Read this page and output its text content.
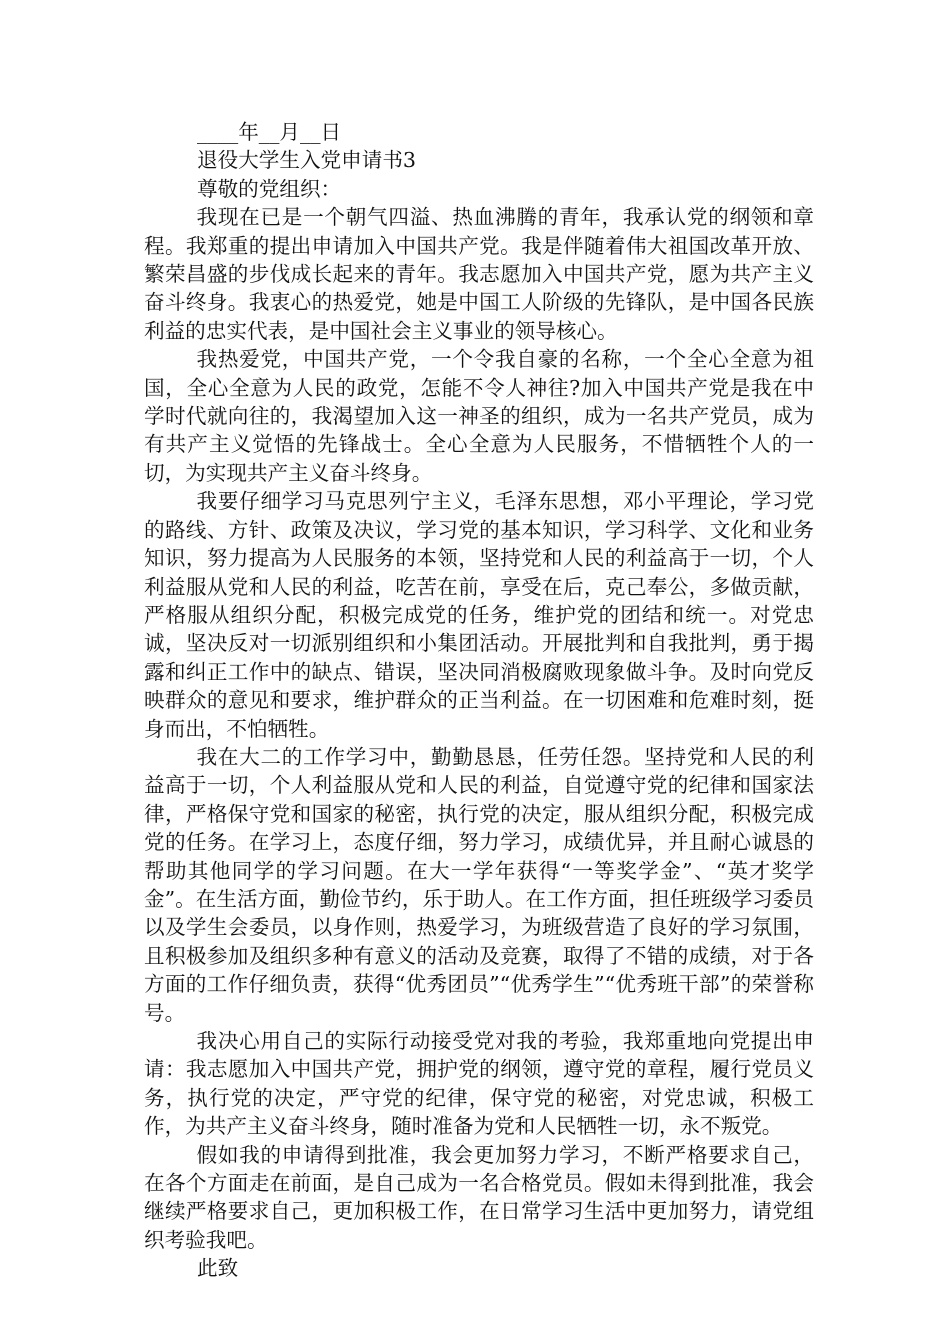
____年__月__日
退役大学生入党申请书3
尊敬的党组织：

我现在已是一个朝气四溢、热血沸腾的青年，我承认党的纲领和章程。我郑重的提出申请加入中国共产党。我是伴随着伟大祖国改革开放、繁荣昌盛的步伐成长起来的青年。我志愿加入中国共产党，愿为共产主义奋斗终身。我衷心的热爱党，她是中国工人阶级的先锋队，是中国各民族利益的忠实代表，是中国社会主义事业的领导核心。

我热爱党，中国共产党，一个令我自豪的名称，一个全心全意为祖国，全心全意为人民的政党，怎能不令人神往?加入中国共产党是我在中学时代就向往的，我渴望加入这一神圣的组织，成为一名共产党员，成为有共产主义觉悟的先锋战士。全心全意为人民服务，不惜牺牲个人的一切，为实现共产主义奋斗终身。

我要仔细学习马克思列宁主义，毛泽东思想，邓小平理论，学习党的路线、方针、政策及决议，学习党的基本知识，学习科学、文化和业务知识，努力提高为人民服务的本领，坚持党和人民的利益高于一切，个人利益服从党和人民的利益，吃苦在前，享受在后，克己奉公，多做贡献，严格服从组织分配，积极完成党的任务，维护党的团结和统一。对党忠诚，坚决反对一切派别组织和小集团活动。开展批判和自我批判，勇于揭露和纠正工作中的缺点、错误，坚决同消极腐败现象做斗争。及时向党反映群众的意见和要求，维护群众的正当利益。在一切困难和危难时刻，挺身而出，不怕牺牲。

我在大二的工作学习中，勤勤恳恳，任劳任怨。坚持党和人民的利益高于一切，个人利益服从党和人民的利益，自觉遵守党的纪律和国家法律，严格保守党和国家的秘密，执行党的决定，服从组织分配，积极完成党的任务。在学习上，态度仔细，努力学习，成绩优异，并且耐心诚恳的帮助其他同学的学习问题。在大一学年获得“一等奖学金”、“英才奖学金”。在生活方面，勤俭节约，乐于助人。在工作方面，担任班级学习委员以及学生会委员，以身作则，热爱学习，为班级营造了良好的学习氛围，且积极参加及组织多种有意义的活动及竞赛，取得了不错的成绩，对于各方面的工作仔细负责，获得“优秀团员”“优秀学生”“优秀班干部”的荣誉称号。

我决心用自己的实际行动接受党对我的考验，我郑重地向党提出申请：我志愿加入中国共产党，拥护党的纲领，遵守党的章程，履行党员义务，执行党的决定，严守党的纪律，保守党的秘密，对党忠诚，积极工作，为共产主义奋斗终身，随时准备为党和人民牺牲一切，永不叛党。

假如我的申请得到批准，我会更加努力学习，不断严格要求自己，在各个方面走在前面，是自己成为一名合格党员。假如未得到批准，我会继续严格要求自己，更加积极工作，在日常学习生活中更加努力，请党组织考验我吧。

此致
